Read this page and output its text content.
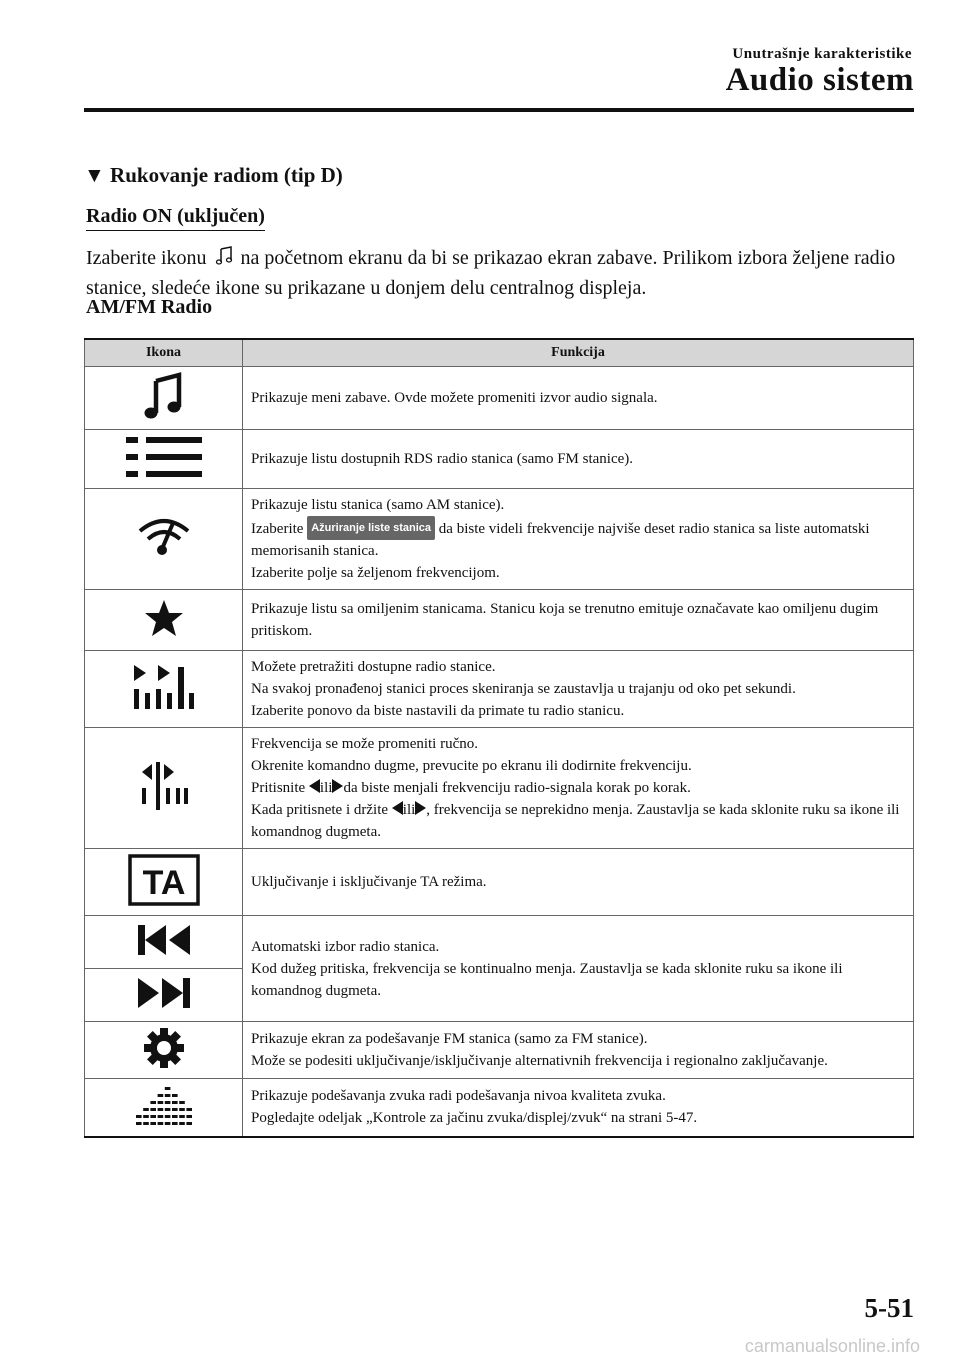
Unutrašnje karakteristike
Audio sistem
▼ Rukovanje radiom (tip D)
Radio ON (uključen)
Izaberite ikonu  na početnom ekranu da bi se prikazao ekran zabave. Prilikom izbora željene radio stanice, sledeće ikone su prikazane u donjem delu centralnog displeja.
AM/FM Radio
Ikona	Funkcija
	Prikazuje meni zabave. Ovde možete promeniti izvor audio signala.
	Prikazuje listu dostupnih RDS radio stanica (samo FM stanice).

Prikazuje listu stanica (samo AM stanice).
Izaberite Ažuriranje liste stanica da biste videli frekvencije najviše deset radio stanica sa liste automatski memorisanih stanica.
Izaberite polje sa željenom frekvencijom.

	Prikazuje listu sa omiljenim stanicama. Stanicu koja se trenutno emituje označavate kao omiljenu dugim pritiskom.

Možete pretražiti dostupne radio stanice.
Na svakoj pronađenoj stanici proces skeniranja se zaustavlja u trajanju od oko pet sekundi.
Izaberite ponovo da biste nastavili da primate tu radio stanicu.

Frekvencija se može promeniti ručno.
Okrenite komandno dugme, prevucite po ekranu ili dodirnite frekvenciju.
Pritisnite ili da biste menjali frekvenciju radio-signala korak po korak.
Kada pritisnete i držite ili , frekvencija se neprekidno menja. Zaustavlja se kada sklonite ruku sa ikone ili komandnog dugmeta.

TA	Uključivanje i isključivanje TA režima.

Automatski izbor radio stanica.
Kod dužeg pritiska, frekvencija se kontinualno menja. Zaustavlja se kada sklonite ruku sa ikone ili komandnog dugmeta.

Prikazuje ekran za podešavanje FM stanica (samo za FM stanice).
Može se podesiti uključivanje/isključivanje alternativnih frekvencija i regionalno zaključavanje.

Prikazuje podešavanja zvuka radi podešavanja nivoa kvaliteta zvuka.
Pogledajte odeljak „Kontrole za jačinu zvuka/displej/zvuk“ na strani 5-47.
5-51
carmanualsonline.info
